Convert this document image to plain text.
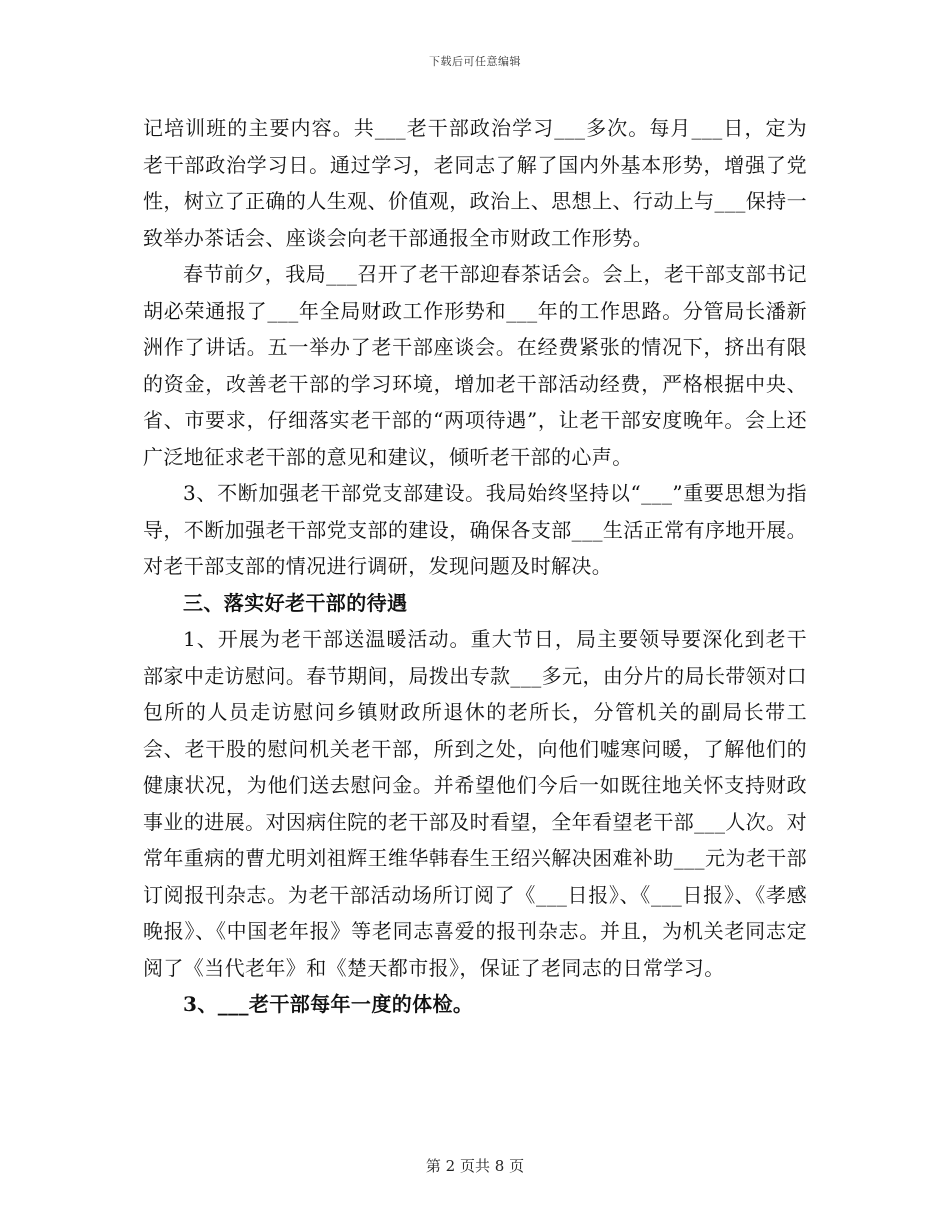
下载后可任意编辑

记培训班的主要内容。共___老干部政治学习___多次。每月___日，定为老干部政治学习日。通过学习，老同志了解了国内外基本形势，增强了党性，树立了正确的人生观、价值观，政治上、思想上、行动上与___保持一致举办茶话会、座谈会向老干部通报全市财政工作形势。

春节前夕，我局___召开了老干部迎春茶话会。会上，老干部支部书记胡必荣通报了___年全局财政工作形势和___年的工作思路。分管局长潘新洲作了讲话。五一举办了老干部座谈会。在经费紧张的情况下，挤出有限的资金，改善老干部的学习环境，增加老干部活动经费，严格根据中央、省、市要求，仔细落实老干部的“两项待遇”，让老干部安度晚年。会上还广泛地征求老干部的意见和建议，倾听老干部的心声。

3、不断加强老干部党支部建设。我局始终坚持以“___”重要思想为指导，不断加强老干部党支部的建设，确保各支部___生活正常有序地开展。对老干部支部的情况进行调研，发现问题及时解决。

三、落实好老干部的待遇

1、开展为老干部送温暖活动。重大节日，局主要领导要深化到老干部家中走访慰问。春节期间，局拨出专款___多元，由分片的局长带领对口包所的人员走访慰问乡镇财政所退休的老所长，分管机关的副局长带工会、老干股的慰问机关老干部，所到之处，向他们嘘寒问暖，了解他们的健康状况，为他们送去慰问金。并希望他们今后一如既往地关怀支持财政事业的进展。对因病住院的老干部及时看望，全年看望老干部___人次。对常年重病的曹尤明刘祖辉王维华韩春生王绍兴解决困难补助___元为老干部订阅报刊杂志。为老干部活动场所订阅了《___日报》、《___日报》、《孝感晚报》、《中国老年报》等老同志喜爱的报刊杂志。并且，为机关老同志定阅了《当代老年》和《楚天都市报》，保证了老同志的日常学习。

3、___老干部每年一度的体检。

第 2 页共 8 页
